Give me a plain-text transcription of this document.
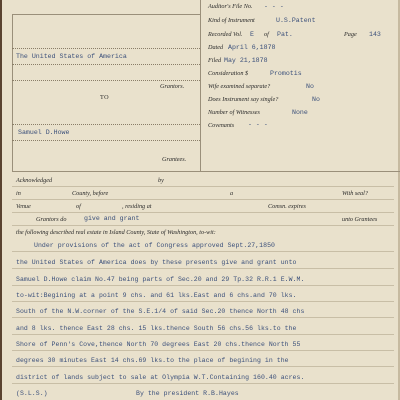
The United States of America
Grantors.
TO
Samuel D.Howe
Grantees.
Auditor's File No. - - -
Kind of Instrument	U.S.Patent
Recorded Vol. E of Pat.	Page 143
Dated April 6,1878
Filed May 21,1878
Consideration $	Promotis
Wife examined separate?	No
Does Instrument say single?	No
Number of Witnesses	None
Covenants - - -
Acknowledged
	by
in	County, before	a	With seal?
Venue	of	, residing at	Comsn. expires
Grantors do	give and grant	unto Grantees
the following described real estate in Island County, State of Washington, to-wit:
Under provisions of the act of Congress approved Sept.27,1850
the United States of America does by these presents give and grant unto
Samuel D.Howe claim No.47 being parts of Sec.20 and 29 Tp.32 R.R.1 E.W.M.
to-wit:Begining at a point 9 chs. and 61 lks.East and 6 chs.and 70 lks.
South of the N.W.corner of the S.E.1/4 of said Sec.20 thence North 48 chs
and 8 lks. thence East 28 chs. 15 lks.thence South 56 chs.56 lks.to the
Shore of Penn's Cove,thence North 70 degrees East 20 chs.thence North 55
degrees 30 minutes East 14 chs.69 lks.to the place of begining in the
district of lands subject to sale at Olympia W.T.Containing 160.40 acres.
(S.L.S.)	By the president R.B.Hayes
